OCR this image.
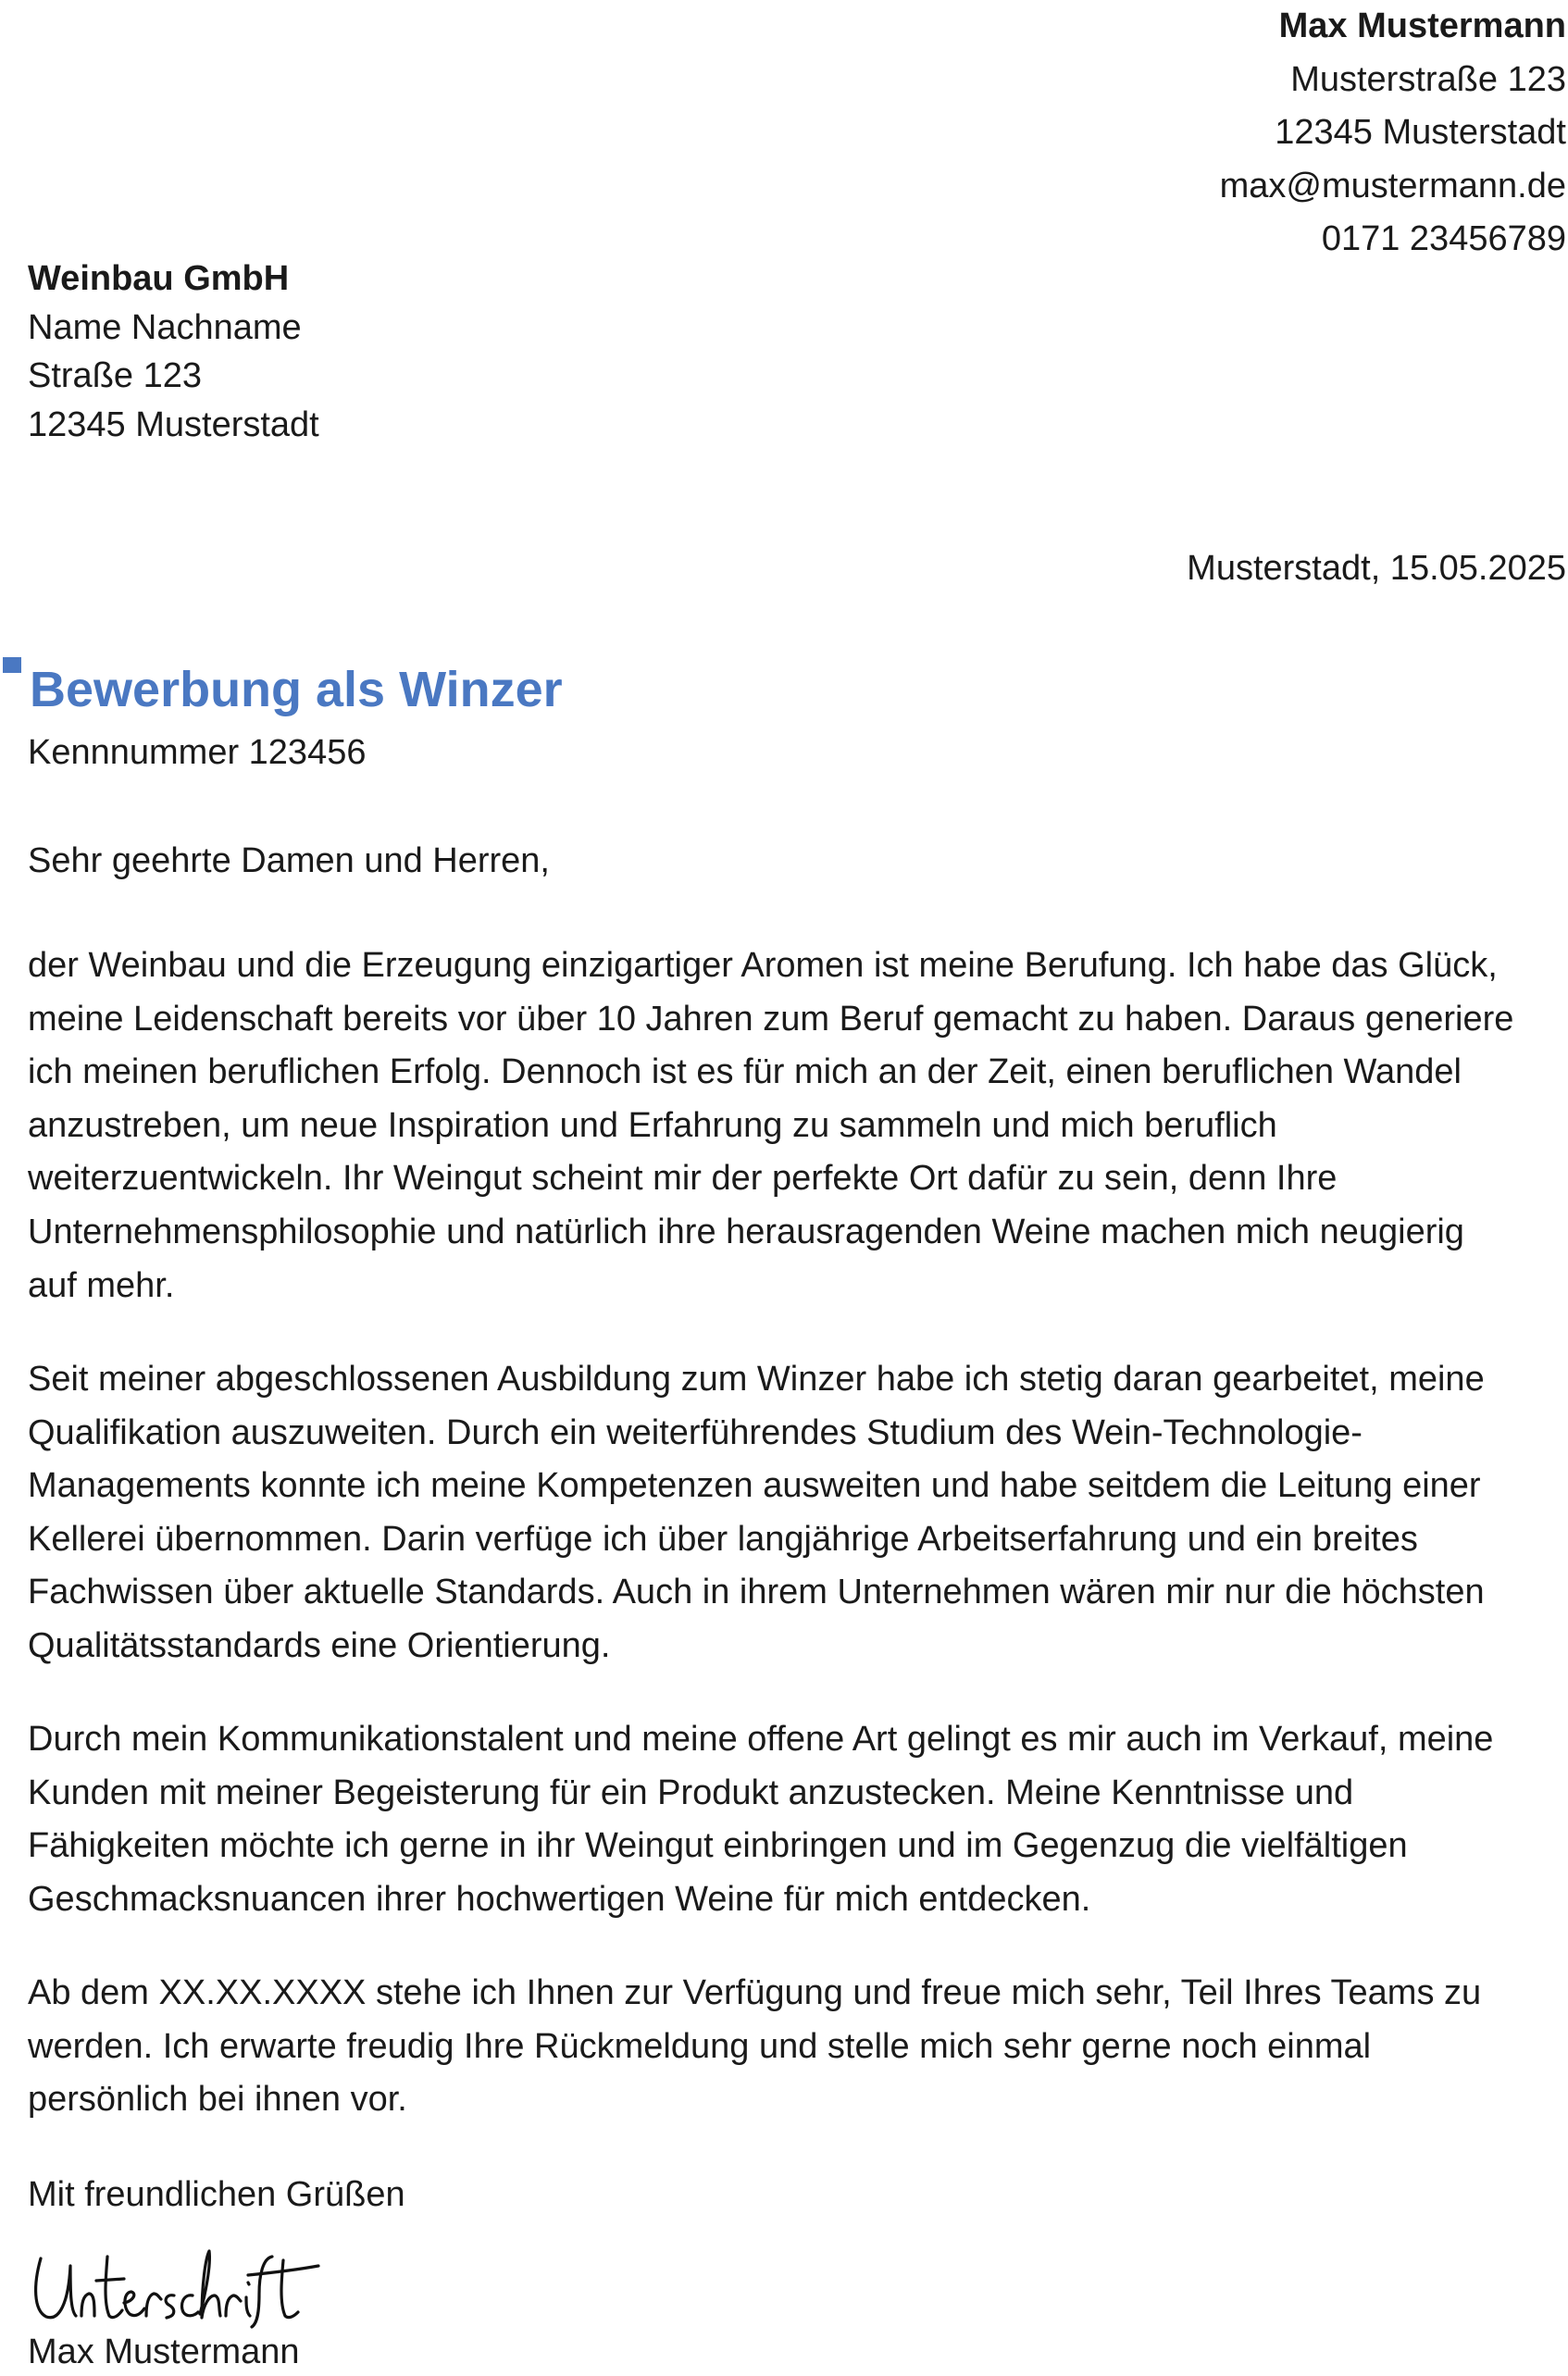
Max Mustermann
Musterstraße 123
12345 Musterstadt
max@mustermann.de
0171 23456789
Weinbau GmbH
Name Nachname
Straße 123
12345 Musterstadt
Musterstadt, 15.05.2025
Bewerbung als Winzer
Kennnummer 123456
Sehr geehrte Damen und Herren,
der Weinbau und die Erzeugung einzigartiger Aromen ist meine Berufung. Ich habe das Glück,
meine Leidenschaft bereits vor über 10 Jahren zum Beruf gemacht zu haben. Daraus generiere
ich meinen beruflichen Erfolg. Dennoch ist es für mich an der Zeit, einen beruflichen Wandel
anzustreben, um neue Inspiration und Erfahrung zu sammeln und mich beruflich
weiterzuentwickeln. Ihr Weingut scheint mir der perfekte Ort dafür zu sein, denn Ihre
Unternehmensphilosophie und natürlich ihre herausragenden Weine machen mich neugierig
auf mehr.
Seit meiner abgeschlossenen Ausbildung zum Winzer habe ich stetig daran gearbeitet, meine
Qualifikation auszuweiten. Durch ein weiterführendes Studium des Wein-Technologie-
Managements konnte ich meine Kompetenzen ausweiten und habe seitdem die Leitung einer
Kellerei übernommen. Darin verfüge ich über langjährige Arbeitserfahrung und ein breites
Fachwissen über aktuelle Standards. Auch in ihrem Unternehmen wären mir nur die höchsten
Qualitätsstandards eine Orientierung.
Durch mein Kommunikationstalent und meine offene Art gelingt es mir auch im Verkauf, meine
Kunden mit meiner Begeisterung für ein Produkt anzustecken. Meine Kenntnisse und
Fähigkeiten möchte ich gerne in ihr Weingut einbringen und im Gegenzug die vielfältigen
Geschmacksnuancen ihrer hochwertigen Weine für mich entdecken.
Ab dem XX.XX.XXXX stehe ich Ihnen zur Verfügung und freue mich sehr, Teil Ihres Teams zu
werden. Ich erwarte freudig Ihre Rückmeldung und stelle mich sehr gerne noch einmal
persönlich bei ihnen vor.
Mit freundlichen Grüßen
Max Mustermann
